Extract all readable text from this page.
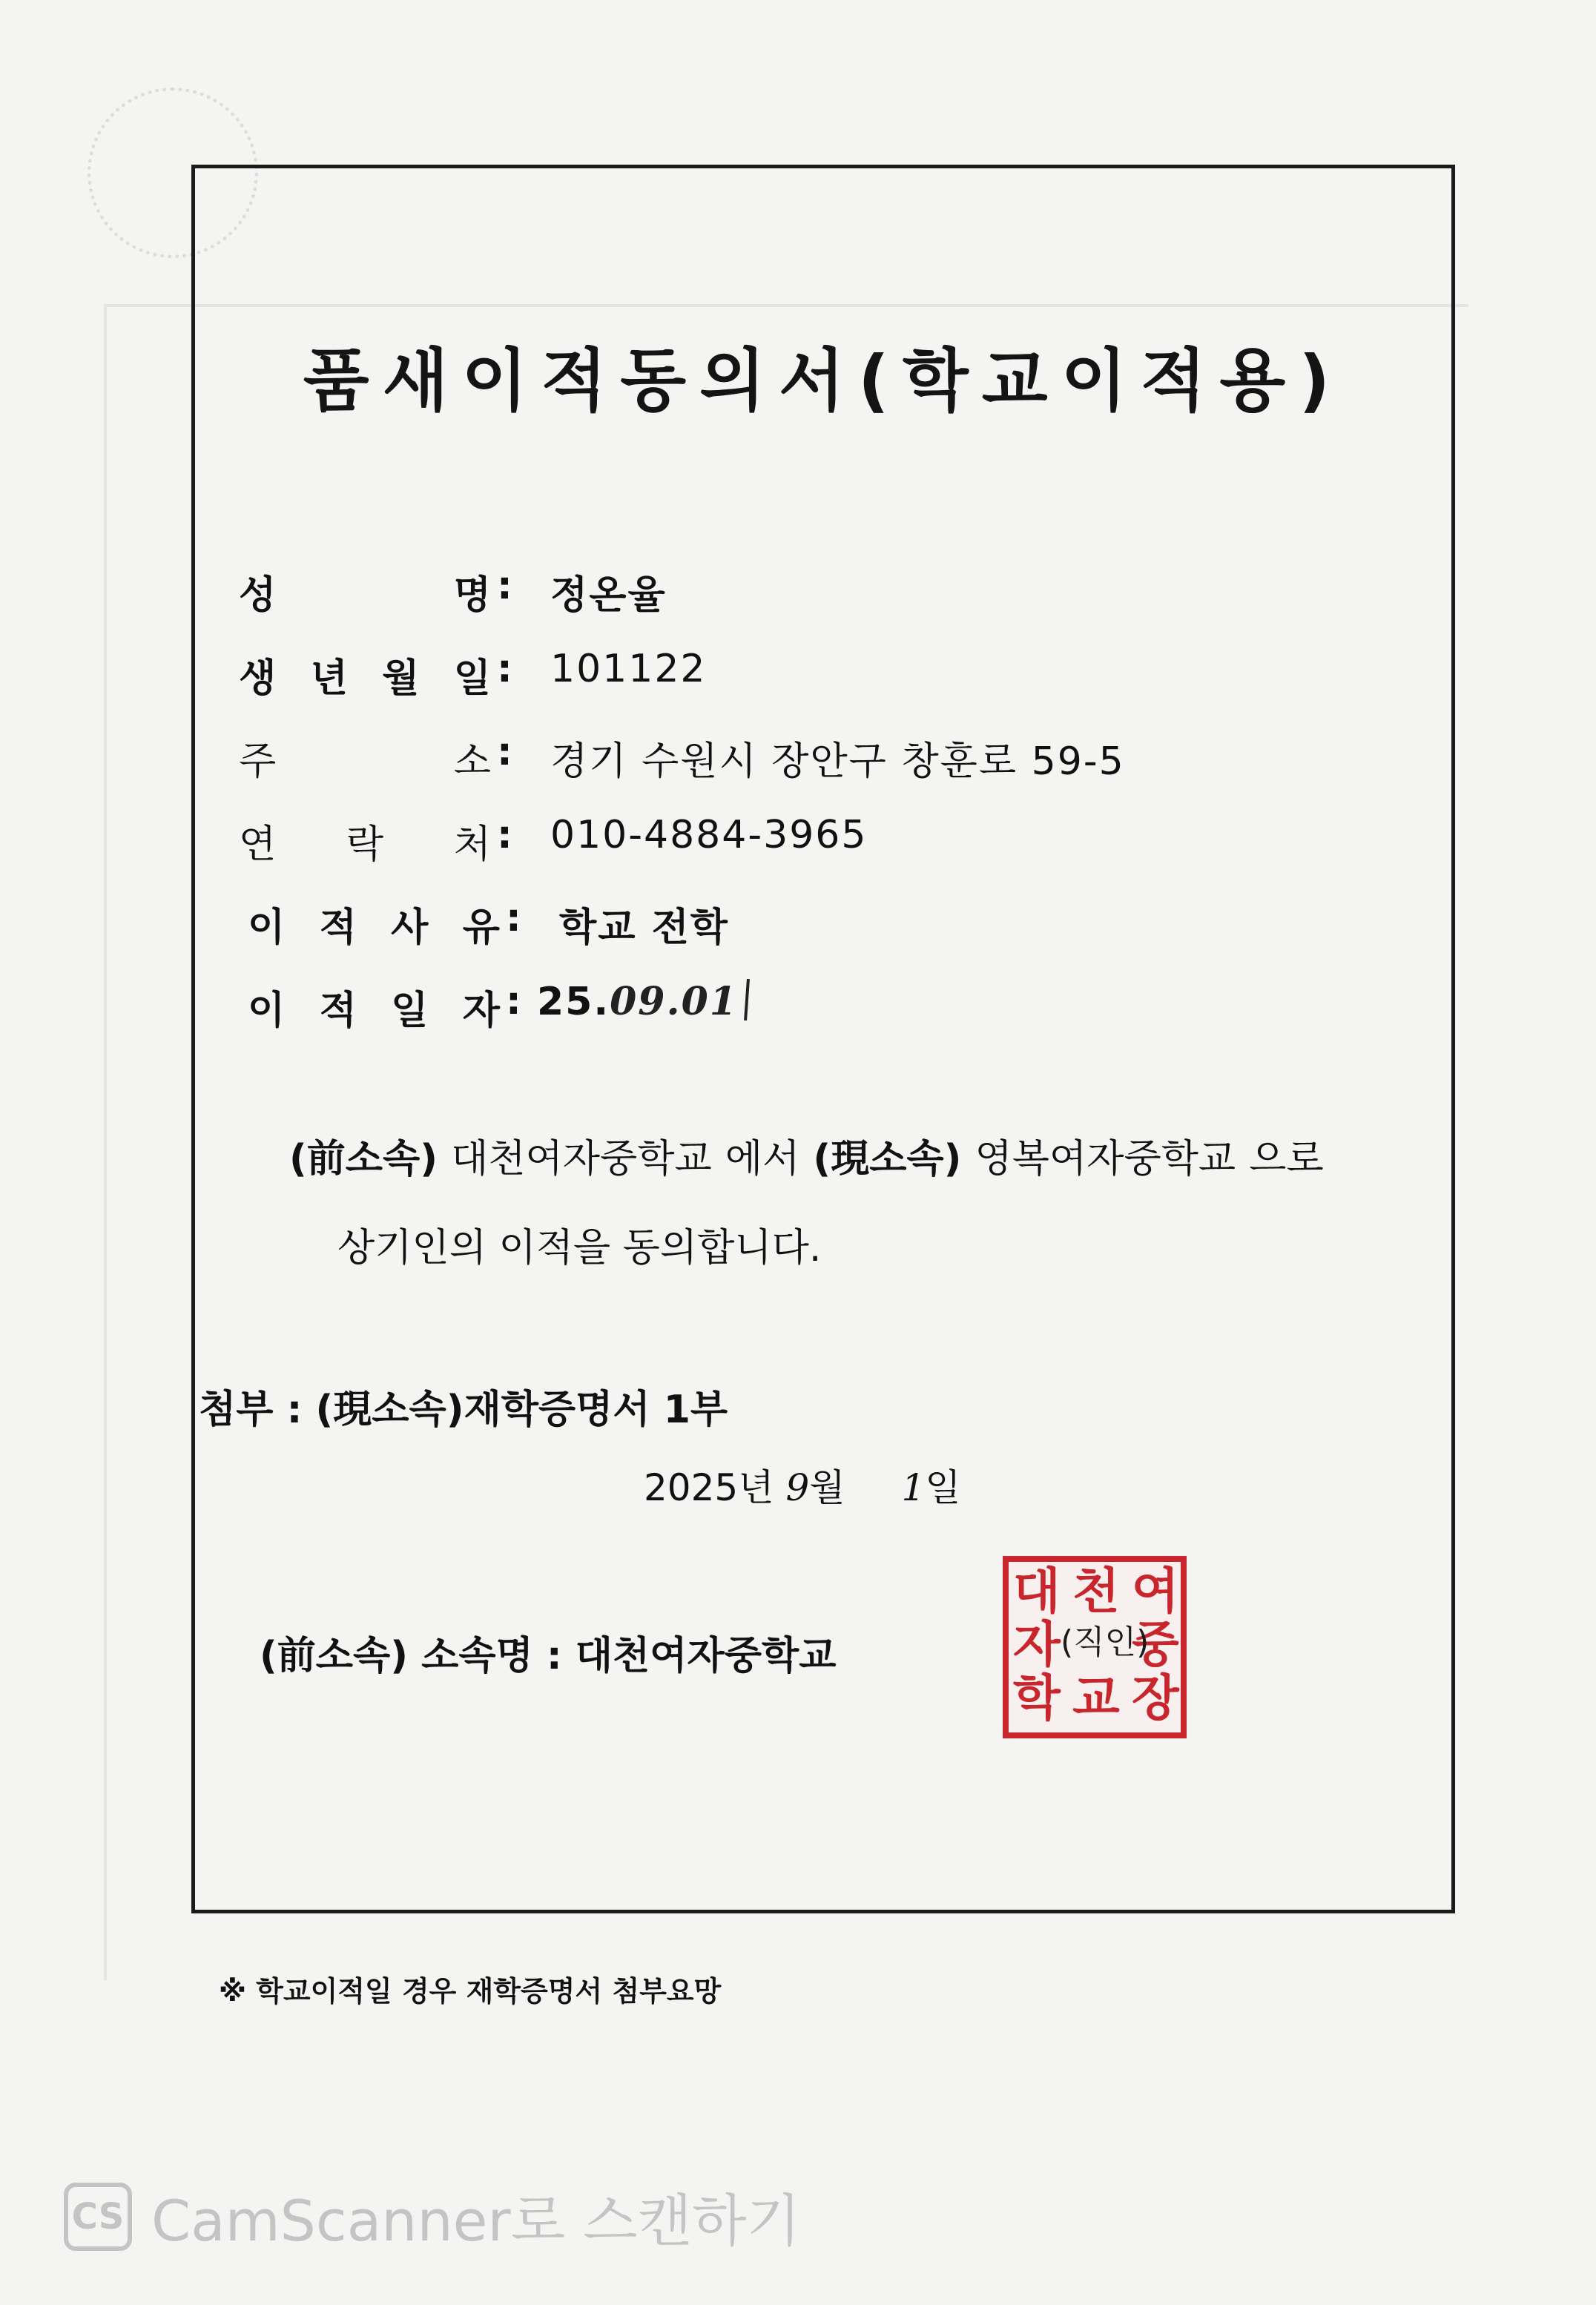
품새이적동의서(학교이적용)
성	명 : 정온율
생 년 월 일 : 101122
주	소 : 경기 수원시 장안구 창훈로 59-5
연 락 처 : 010-4884-3965
이 적 사 유 : 학교 전학
이 적 일 자 : 25.09.01
(前소속) 대천여자중학교 에서 (現소속) 영복여자중학교 으로
상기인의 이적을 동의합니다.
첨부 : (現소속)재학증명서 1부
2025년 9월 1일
(前소속) 소속명 : 대천여자중학교
대 천 여
자 중
학 교 장
(직인)
※ 학교이적일 경우 재학증명서 첨부요망
CS CamScanner로 스캔하기
